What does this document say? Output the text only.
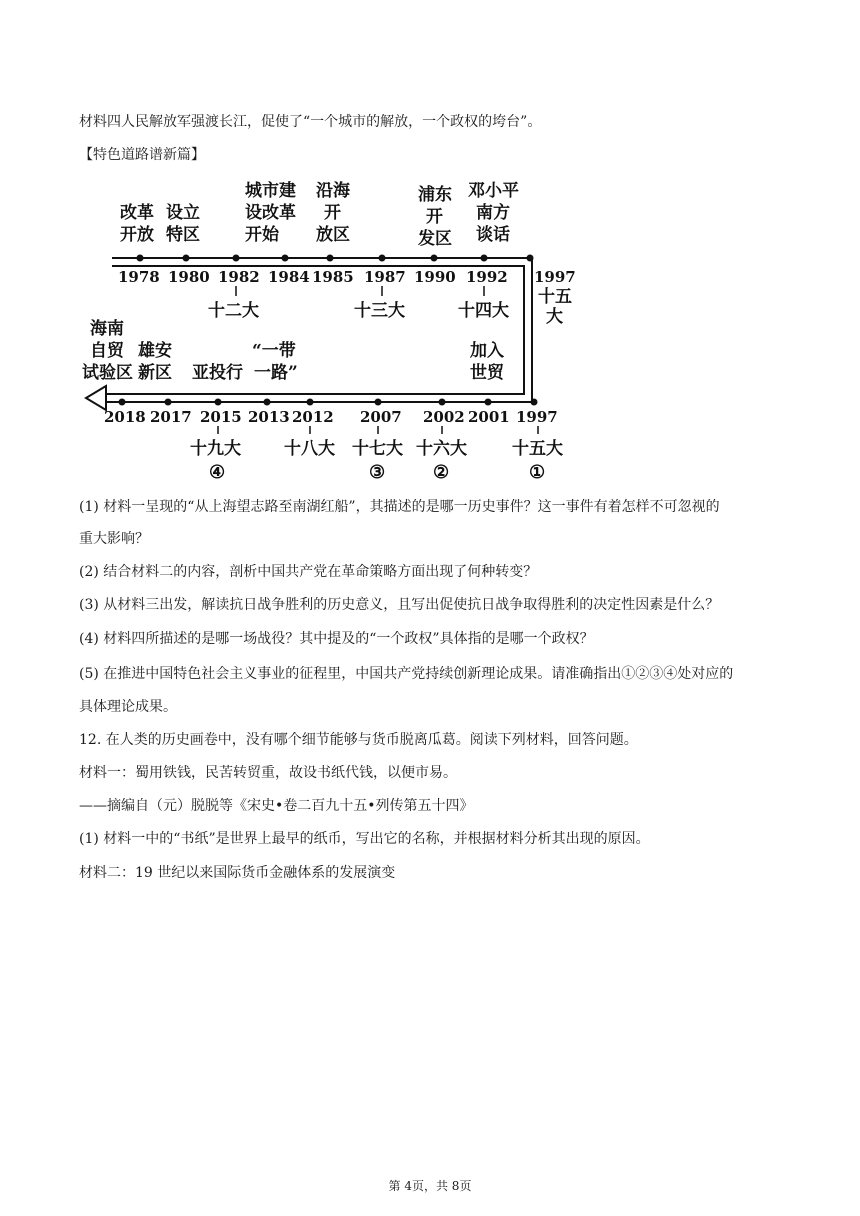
材料四人民解放军强渡长江，促使了“一个城市的解放，一个政权的垮台”。
【特色道路谱新篇】
1978
改革
开放
1980
设立
特区
1982
城市建
设改革
开始
十二大
1984 1985
沿海
开
放区
1987
十三大
1990
浦东
开
发区
1992
邓小平
南方
谈话
十四大
1997
十五
大
2018
海南
自贸
试验区
2017
雄安
新区
2015
亚投行
十九大
④
2013
“一带
一路”
2012
十八大
2007
十七大
③
2002
十六大
②
2001
加入
世贸
1997
十五大
①
(1) 材料一呈现的“从上海望志路至南湖红船”，其描述的是哪一历史事件？这一事件有着怎样不可忽视的
重大影响？
(2) 结合材料二的内容，剖析中国共产党在革命策略方面出现了何种转变？
(3) 从材料三出发，解读抗日战争胜利的历史意义，且写出促使抗日战争取得胜利的决定性因素是什么？
(4) 材料四所描述的是哪一场战役？其中提及的“一个政权”具体指的是哪一个政权？
(5) 在推进中国特色社会主义事业的征程里，中国共产党持续创新理论成果。请准确指出①②③④处对应的
具体理论成果。
12. 在人类的历史画卷中，没有哪个细节能够与货币脱离瓜葛。阅读下列材料，回答问题。
材料一：蜀用铁钱，民苦转贸重，故设书纸代钱，以便市易。
——摘编自（元）脱脱等《宋史•卷二百九十五•列传第五十四》
(1) 材料一中的“书纸”是世界上最早的纸币，写出它的名称，并根据材料分析其出现的原因。
材料二：19 世纪以来国际货币金融体系的发展演变
第 4页，共 8页
